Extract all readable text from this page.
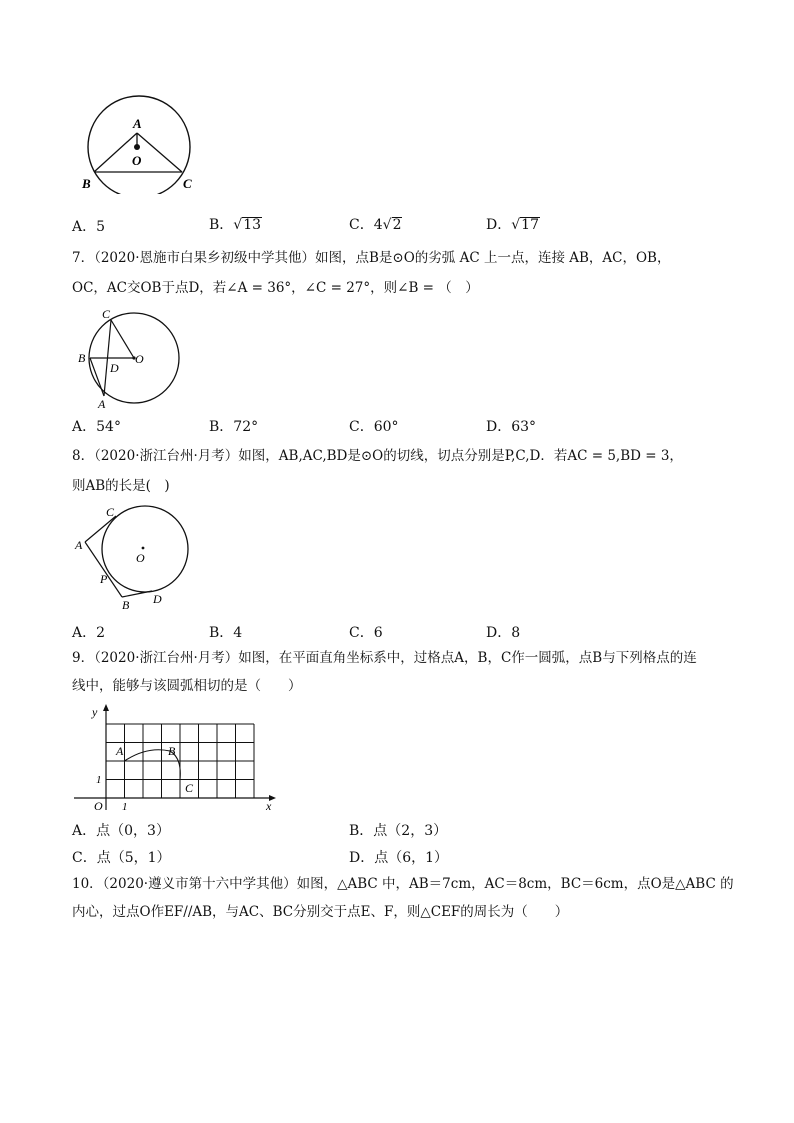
A
O
B	C
A．5	B．√13	C．4√2	D．√17
7．（2020·恩施市白果乡初级中学其他）如图，点B是⊙O的劣弧 AC 上一点，连接 AB，AC，OB，
OC，AC交OB于点D，若∠A = 36°，∠C = 27°，则∠B = （　）
C
B
D
O
A
A．54°	B．72°	C．60°	D．63°
8．（2020·浙江台州·月考）如图，AB,AC,BD是⊙O的切线，切点分别是P,C,D．若AC = 5,BD = 3，
则AB的长是(　)
C
A
O
P
B D
A．2	B．4	C．6	D．8
9．（2020·浙江台州·月考）如图，在平面直角坐标系中，过格点A，B，C作一圆弧，点B与下列格点的连
线中，能够与该圆弧相切的是（　　）
y
x
O 1
1
A	B
C
A．点（0，3）	B．点（2，3）
C．点（5，1）	D．点（6，1）
10．（2020·遵义市第十六中学其他）如图，△ABC 中，AB＝7cm，AC＝8cm，BC＝6cm，点O是△ABC 的
内心，过点O作EF//AB，与AC、BC分别交于点E、F，则△CEF的周长为（　　）
